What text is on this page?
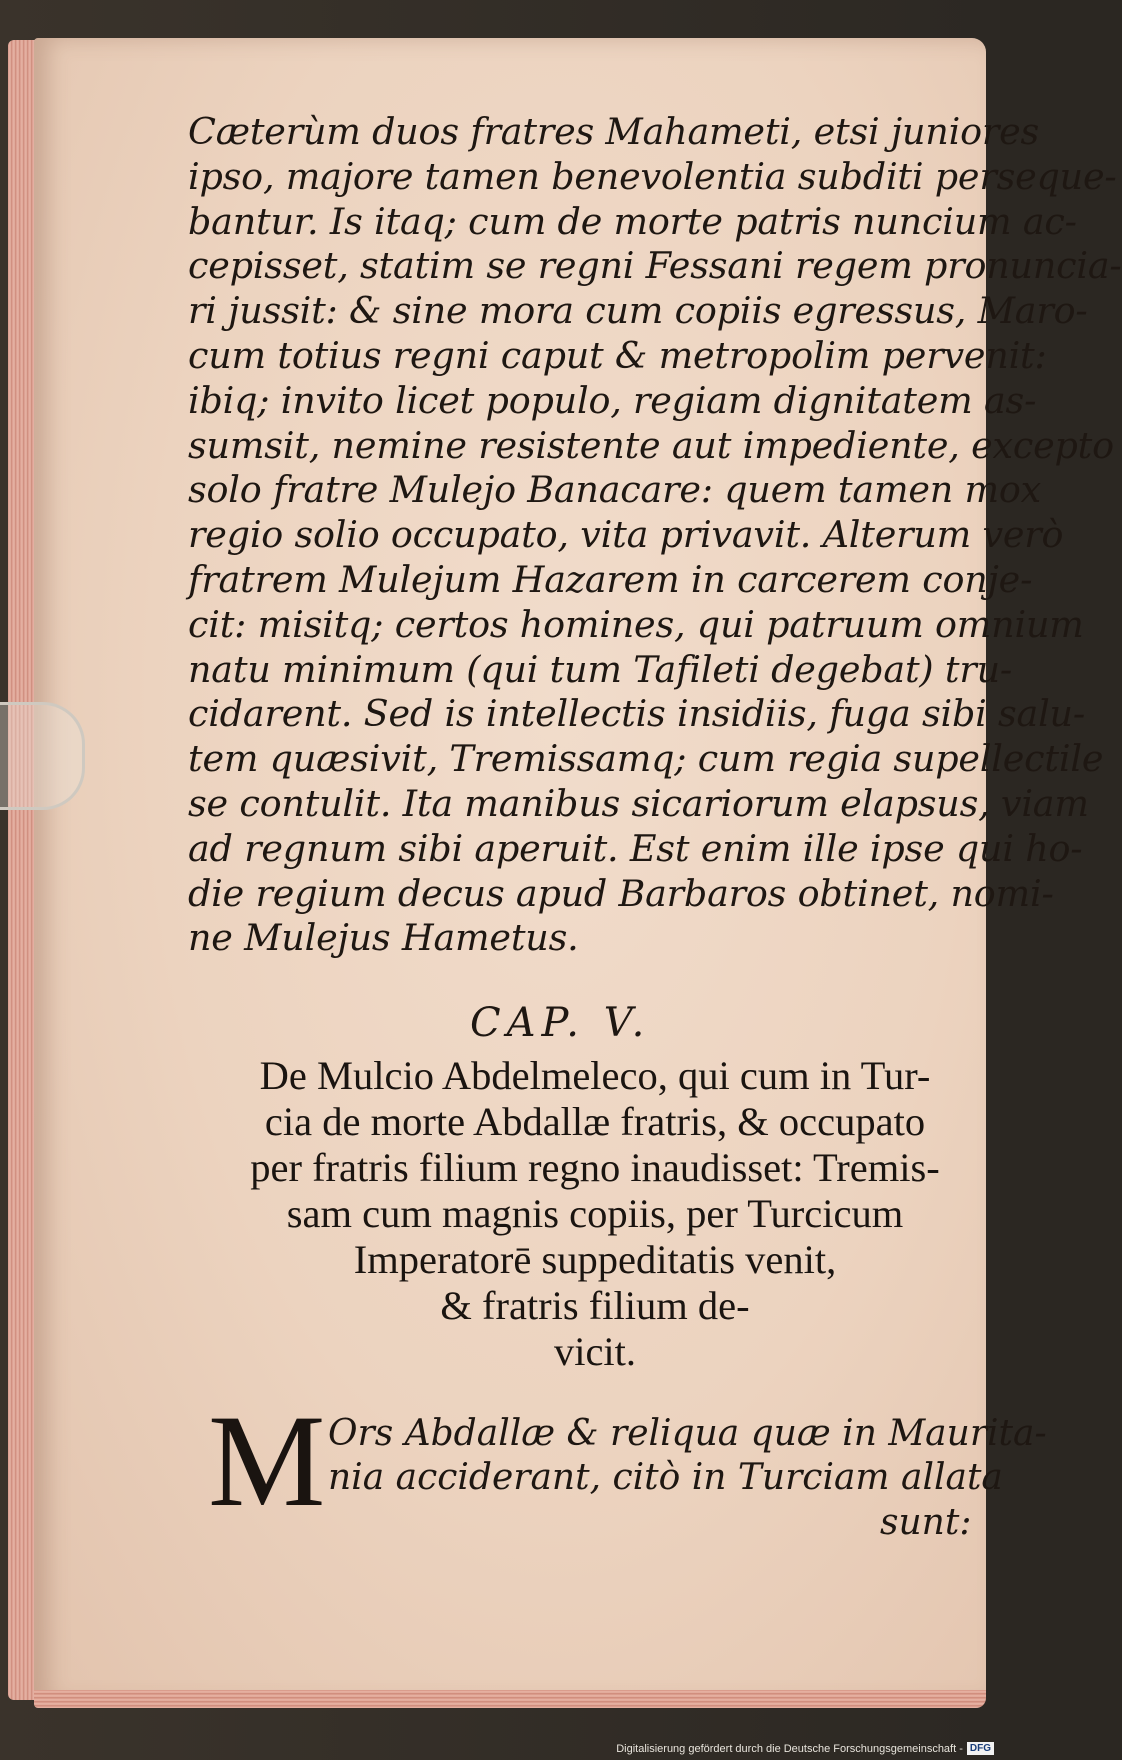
Cæterùm duos fratres Mahameti, etsi juniores
ipso, majore tamen benevolentia subditi perseque-
bantur. Is itaq; cum de morte patris nuncium ac-
cepisset, statim se regni Fessani regem pronuncia-
ri jussit: & sine mora cum copiis egressus, Maro-
cum totius regni caput & metropolim pervenit:
ibiq; invito licet populo, regiam dignitatem as-
sumsit, nemine resistente aut impediente, excepto
solo fratre Mulejo Banacare: quem tamen mox
regio solio occupato, vita privavit. Alterum verò
fratrem Mulejum Hazarem in carcerem conje-
cit: misitq; certos homines, qui patruum omnium
natu minimum (qui tum Tafileti degebat) tru-
cidarent. Sed is intellectis insidiis, fuga sibi salu-
tem quæsivit, Tremissamq; cum regia supellectile
se contulit. Ita manibus sicariorum elapsus, viam
ad regnum sibi aperuit. Est enim ille ipse qui ho-
die regium decus apud Barbaros obtinet, nomi-
ne Mulejus Hametus.
CAP. V.
De Mulcio Abdelmeleco, qui cum in Tur-
cia de morte Abdallæ fratris, & occupato
per fratris filium regno inaudisset: Tremis-
sam cum magnis copiis, per Turcicum
Imperatorē suppeditatis venit,
& fratris filium de-
vicit.
M Ors Abdallæ & reliqua quæ in Maurita-
nia acciderant, citò in Turciam allata
sunt:
Digitalisierung gefördert durch die Deutsche Forschungsgemeinschaft - DFG
